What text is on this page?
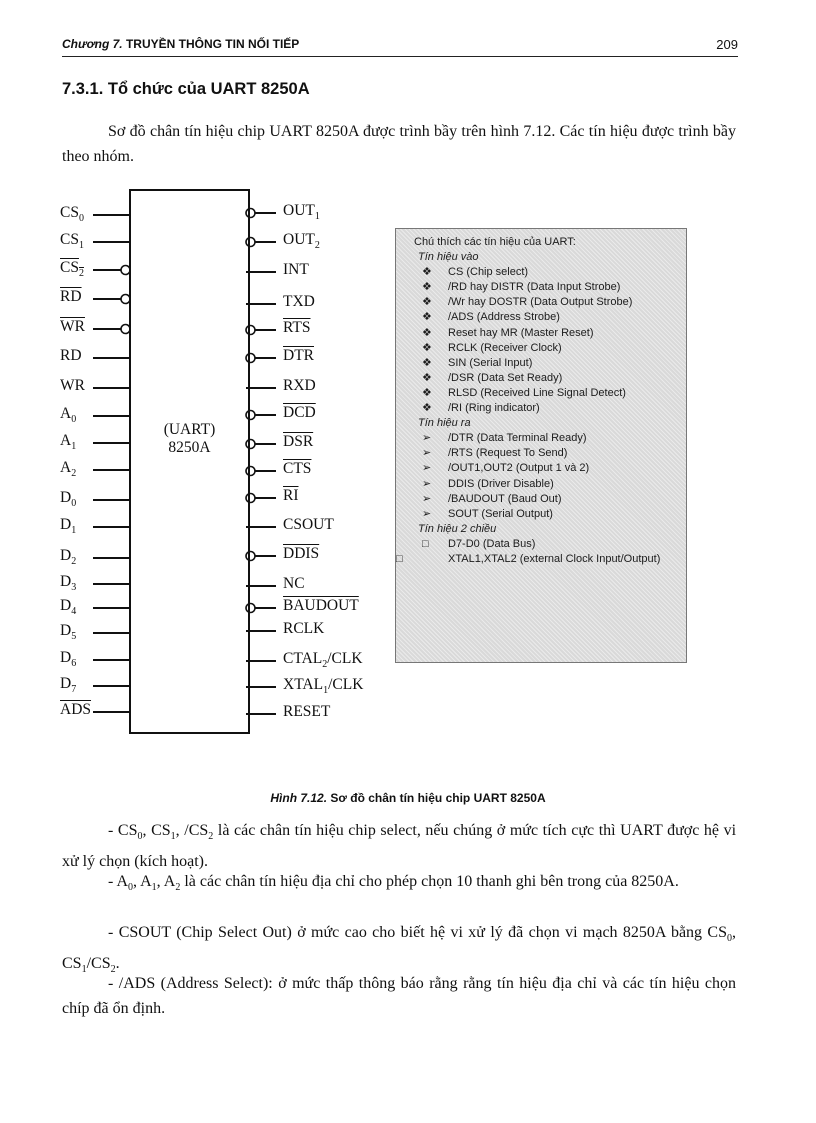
Chương 7. TRUYỀN THÔNG TIN NỐI TIẾP	209
7.3.1. Tổ chức của UART 8250A
Sơ đồ chân tín hiệu chip UART 8250A được trình bầy trên hình 7.12. Các tín hiệu được trình bầy theo nhóm.
(UART)
8250A
$CS_0$
$CS_1$
$\overline{CS}_2$
$\overline{RD}$
$\overline{WR}$
RD
WR
$A_0$
$A_1$
$A_2$
$D_0$
$D_1$
$D_2$
$D_3$
$D_4$
$D_5$
$D_6$
$D_7$
$\overline{ADS}$
$OUT_1$
$OUT_2$
INT
TXD
$\overline{RTS}$
$\overline{DTR}$
RXD
$\overline{DCD}$
$\overline{DSR}$
$\overline{CTS}$
$\overline{RI}$
CSOUT
DDIS
NC
BAUDOUT
RCLK
$CTAL_2$/CLK
$XTAL_1$/CLK
RESET
Chú thích các tín hiệu của UART:
Tín hiệu vào
❖ CS (Chip select)
❖ /RD hay DISTR (Data Input Strobe)
❖ /Wr hay DOSTR (Data Output Strobe)
❖ /ADS (Address Strobe)
❖ Reset hay MR (Master Reset)
❖ RCLK (Receiver Clock)
❖ SIN (Serial Input)
❖ /DSR (Data Set Ready)
❖ RLSD (Received Line Signal Detect)
❖ /RI (Ring indicator)
Tín hiệu ra
➢ /DTR (Data Terminal Ready)
➢ /RTS (Request To Send)
➢ /OUT1,OUT2 (Output 1 và 2)
➢ DDIS (Driver Disable)
➢ /BAUDOUT (Baud Out)
➢ SOUT (Serial Output)
Tín hiệu 2 chiều
□ D7-D0 (Data Bus)
□	XTAL1,XTAL2 (external Clock Input/Output)
Hình 7.12. Sơ đồ chân tín hiệu chip UART 8250A
- $CS_0$, $CS_1$, $/CS_2$ là các chân tín hiệu chip select, nếu chúng ở mức tích cực thì UART được hệ vi xử lý chọn (kích hoạt).
- $A_0$, $A_1$, $A_2$ là các chân tín hiệu địa chỉ cho phép chọn 10 thanh ghi bên trong của 8250A.
- CSOUT (Chip Select Out) ở mức cao cho biết hệ vi xử lý đã chọn vi mạch 8250A bằng $CS_0$, $CS_1/CS_2$.
- /ADS (Address Select): ở mức thấp thông báo rằng rằng tín hiệu địa chỉ và các tín hiệu chọn chíp đã ổn định.
